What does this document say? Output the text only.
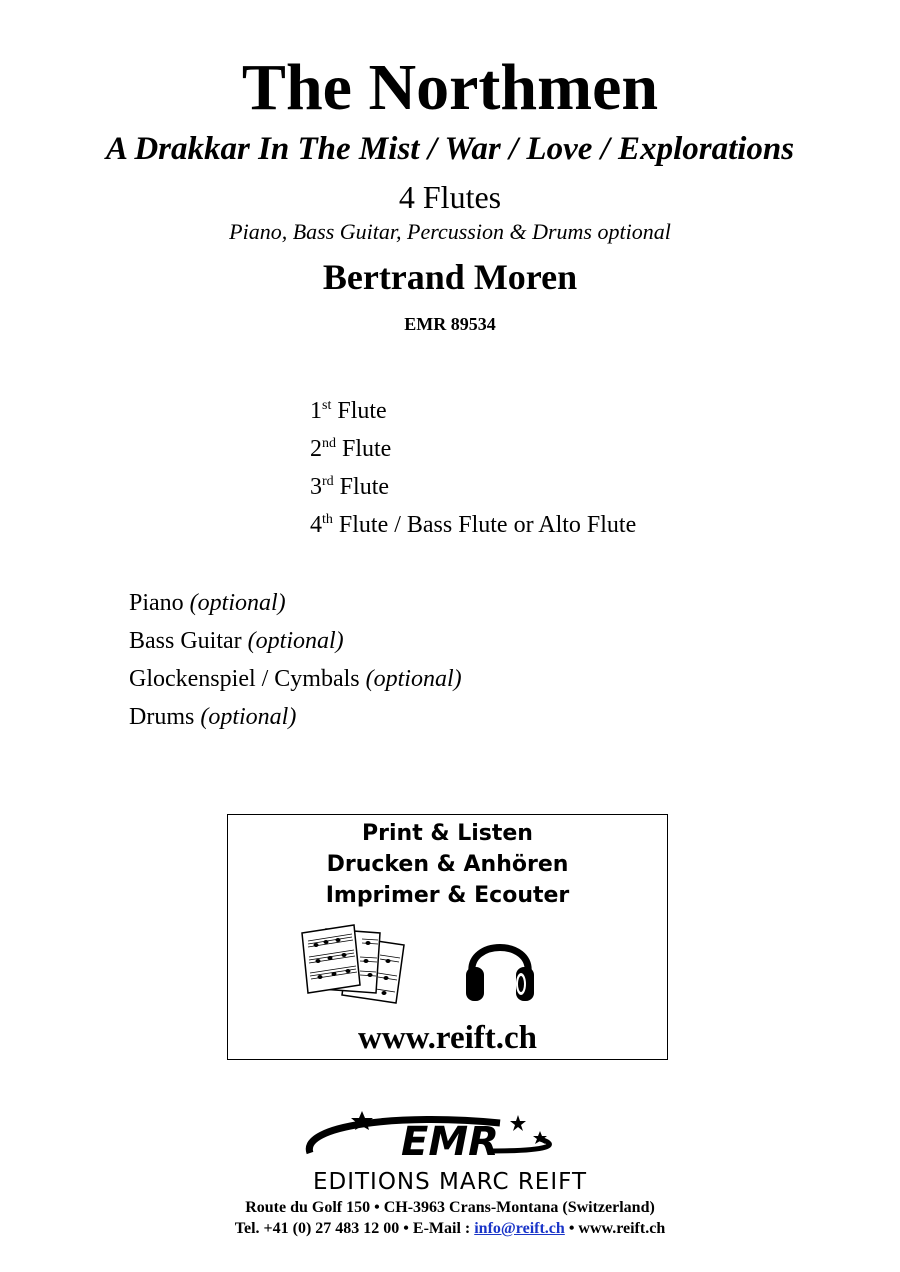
The Northmen
A Drakkar In The Mist / War / Love / Explorations
4 Flutes
Piano, Bass Guitar, Percussion & Drums optional
Bertrand Moren
EMR 89534
1st Flute
2nd Flute
3rd Flute
4th Flute / Bass Flute or Alto Flute
Piano (optional)
Bass Guitar (optional)
Glockenspiel / Cymbals (optional)
Drums (optional)
Print & Listen
Drucken & Anhören
Imprimer & Ecouter
www.reift.ch
EMR
EDITIONS MARC REIFT
Route du Golf 150 • CH-3963 Crans-Montana (Switzerland)
Tel. +41 (0) 27 483 12 00 • E-Mail : info@reift.ch • www.reift.ch
